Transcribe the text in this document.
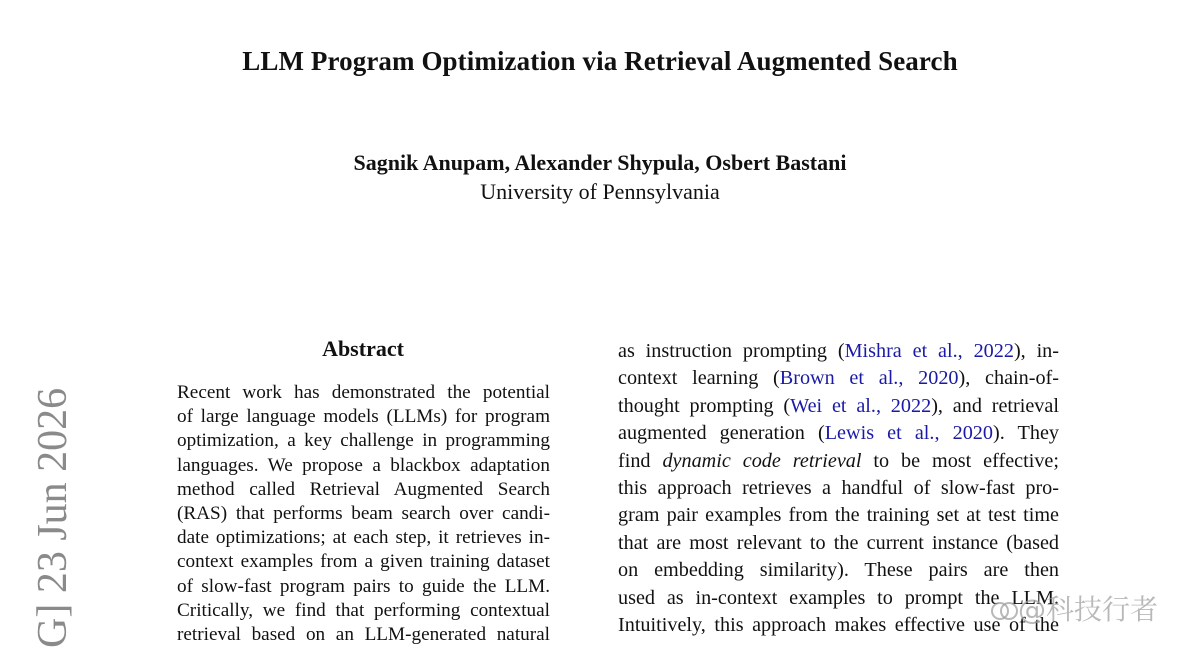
LLM Program Optimization via Retrieval Augmented Search
Sagnik Anupam, Alexander Shypula, Osbert Bastani
University of Pennsylvania
G] 23 Jun 2026
Abstract
Recent work has demonstrated the potential
of large language models (LLMs) for program
optimization, a key challenge in programming
languages. We propose a blackbox adaptation
method called Retrieval Augmented Search
(RAS) that performs beam search over candi-
date optimizations; at each step, it retrieves in-
context examples from a given training dataset
of slow-fast program pairs to guide the LLM.
Critically, we find that performing contextual
retrieval based on an LLM-generated natural
as instruction prompting (Mishra et al., 2022), in-
context learning (Brown et al., 2020), chain-of-
thought prompting (Wei et al., 2022), and retrieval
augmented generation (Lewis et al., 2020). They
find dynamic code retrieval to be most effective;
this approach retrieves a handful of slow-fast pro-
gram pair examples from the training set at test time
that are most relevant to the current instance (based
on embedding similarity). These pairs are then
used as in-context examples to prompt the LLM.
Intuitively, this approach makes effective use of the
@科技行者
